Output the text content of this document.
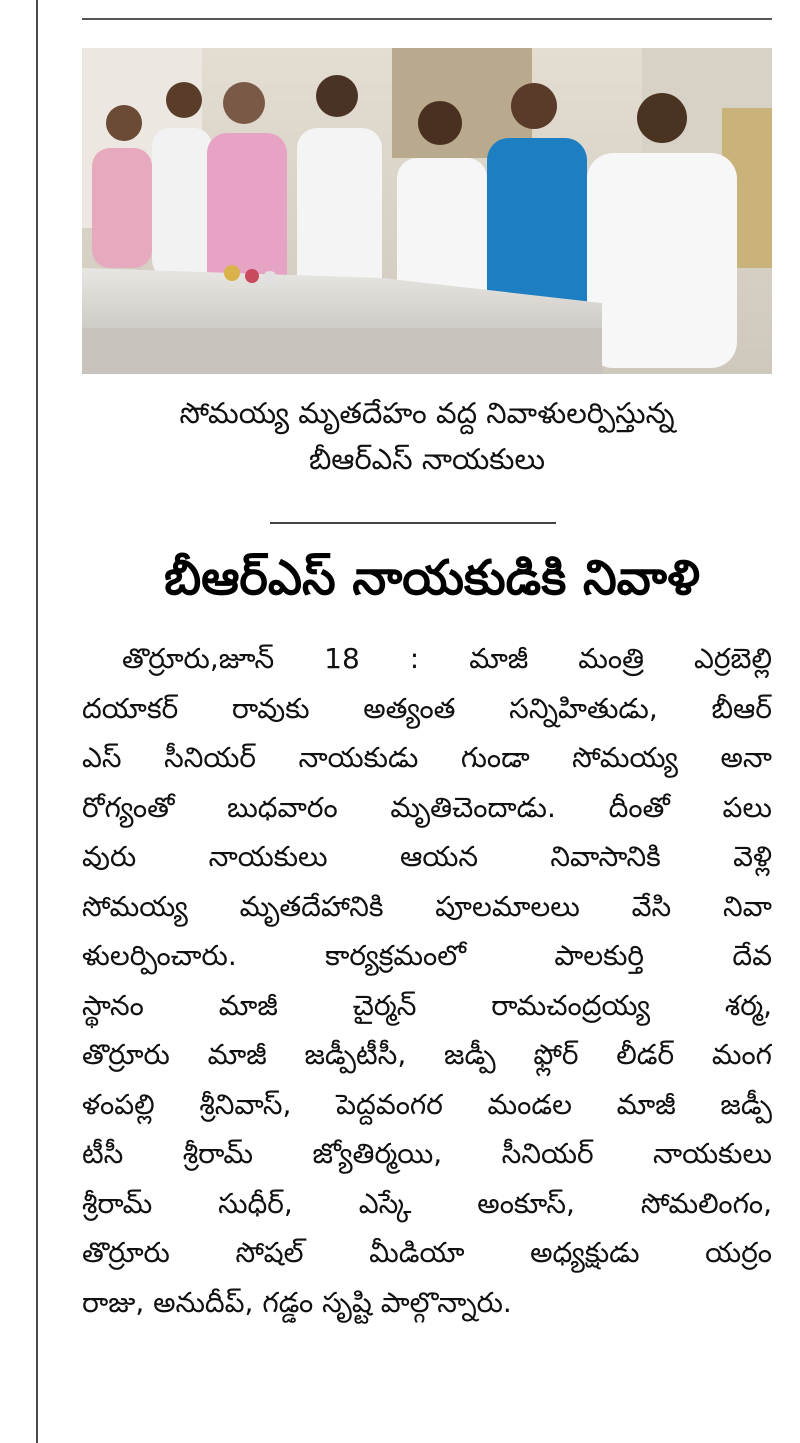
సోమయ్య మృతదేహం వద్ద నివాళులర్పిస్తున్న
బీఆర్ఎస్ నాయకులు
బీఆర్ఎస్ నాయకుడికి నివాళి
తొర్రూరు,జూన్ 18 : మాజీ మంత్రి ఎర్రబెల్లి
దయాకర్ రావుకు అత్యంత సన్నిహితుడు, బీఆర్
ఎస్ సీనియర్ నాయకుడు గుండా సోమయ్య అనా
రోగ్యంతో బుధవారం మృతిచెందాడు. దీంతో పలు
వురు నాయకులు ఆయన నివాసానికి వెళ్లి
సోమయ్య మృతదేహానికి పూలమాలలు వేసి నివా
ళులర్పించారు. కార్యక్రమంలో పాలకుర్తి దేవ
స్థానం మాజీ చైర్మన్ రామచంద్రయ్య శర్మ,
తొర్రూరు మాజీ జడ్పీటీసీ, జడ్పీ ఫ్లోర్ లీడర్ మంగ
ళంపల్లి శ్రీనివాస్, పెద్దవంగర మండల మాజీ జడ్పీ
టీసీ శ్రీరామ్ జ్యోతిర్మయి, సీనియర్ నాయకులు
శ్రీరామ్ సుధీర్, ఎస్కే అంకూస్, సోమలింగం,
తొర్రూరు సోషల్ మీడియా అధ్యక్షుడు యర్రం
రాజు, అనుదీప్, గడ్డం సృష్టి పాల్గొన్నారు.
